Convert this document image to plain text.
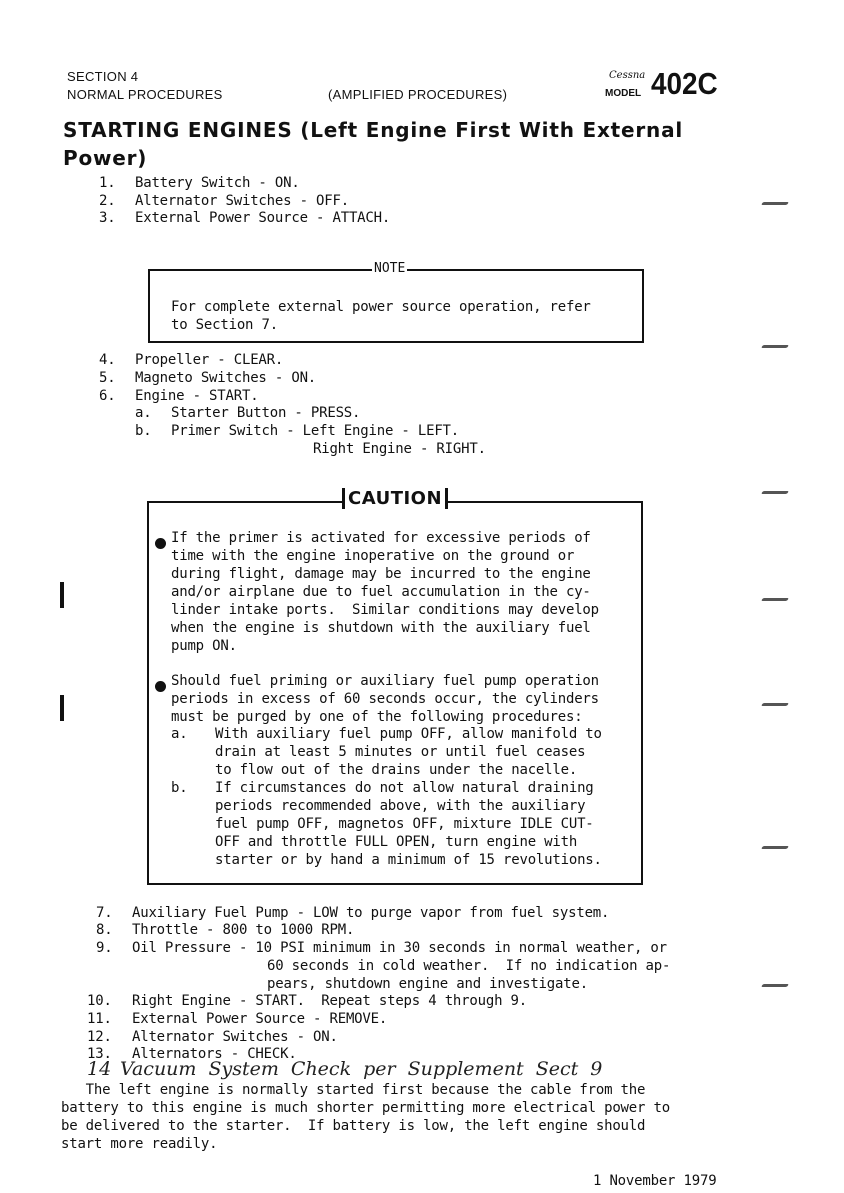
SECTION 4
NORMAL PROCEDURES	(AMPLIFIED PROCEDURES)
Cessna
MODEL 402C
STARTING ENGINES (Left Engine First With External
Power)
1. Battery Switch - ON.
2. Alternator Switches - OFF.
3. External Power Source - ATTACH.
NOTE
For complete external power source operation, refer
to Section 7.
4. Propeller - CLEAR.
5. Magneto Switches - ON.
6. Engine - START.
a. Starter Button - PRESS.
b. Primer Switch - Left Engine - LEFT.
Right Engine - RIGHT.
CAUTION
If the primer is activated for excessive periods of
time with the engine inoperative on the ground or
during flight, damage may be incurred to the engine
and/or airplane due to fuel accumulation in the cy-
linder intake ports.  Similar conditions may develop
when the engine is shutdown with the auxiliary fuel
pump ON.
Should fuel priming or auxiliary fuel pump operation
periods in excess of 60 seconds occur, the cylinders
must be purged by one of the following procedures:
a. With auxiliary fuel pump OFF, allow manifold to
drain at least 5 minutes or until fuel ceases
to flow out of the drains under the nacelle.
b. If circumstances do not allow natural draining
periods recommended above, with the auxiliary
fuel pump OFF, magnetos OFF, mixture IDLE CUT-
OFF and throttle FULL OPEN, turn engine with
starter or by hand a minimum of 15 revolutions.
7. Auxiliary Fuel Pump - LOW to purge vapor from fuel system.
8. Throttle - 800 to 1000 RPM.
9. Oil Pressure - 10 PSI minimum in 30 seconds in normal weather, or
60 seconds in cold weather.  If no indication ap-
pears, shutdown engine and investigate.
10. Right Engine - START.  Repeat steps 4 through 9.
11. External Power Source - REMOVE.
12. Alternator Switches - ON.
13. Alternators - CHECK.
14 Vacuum System Check per Supplement Sect 9
The left engine is normally started first because the cable from the
battery to this engine is much shorter permitting more electrical power to
be delivered to the starter.  If battery is low, the left engine should
start more readily.
1 November 1979
